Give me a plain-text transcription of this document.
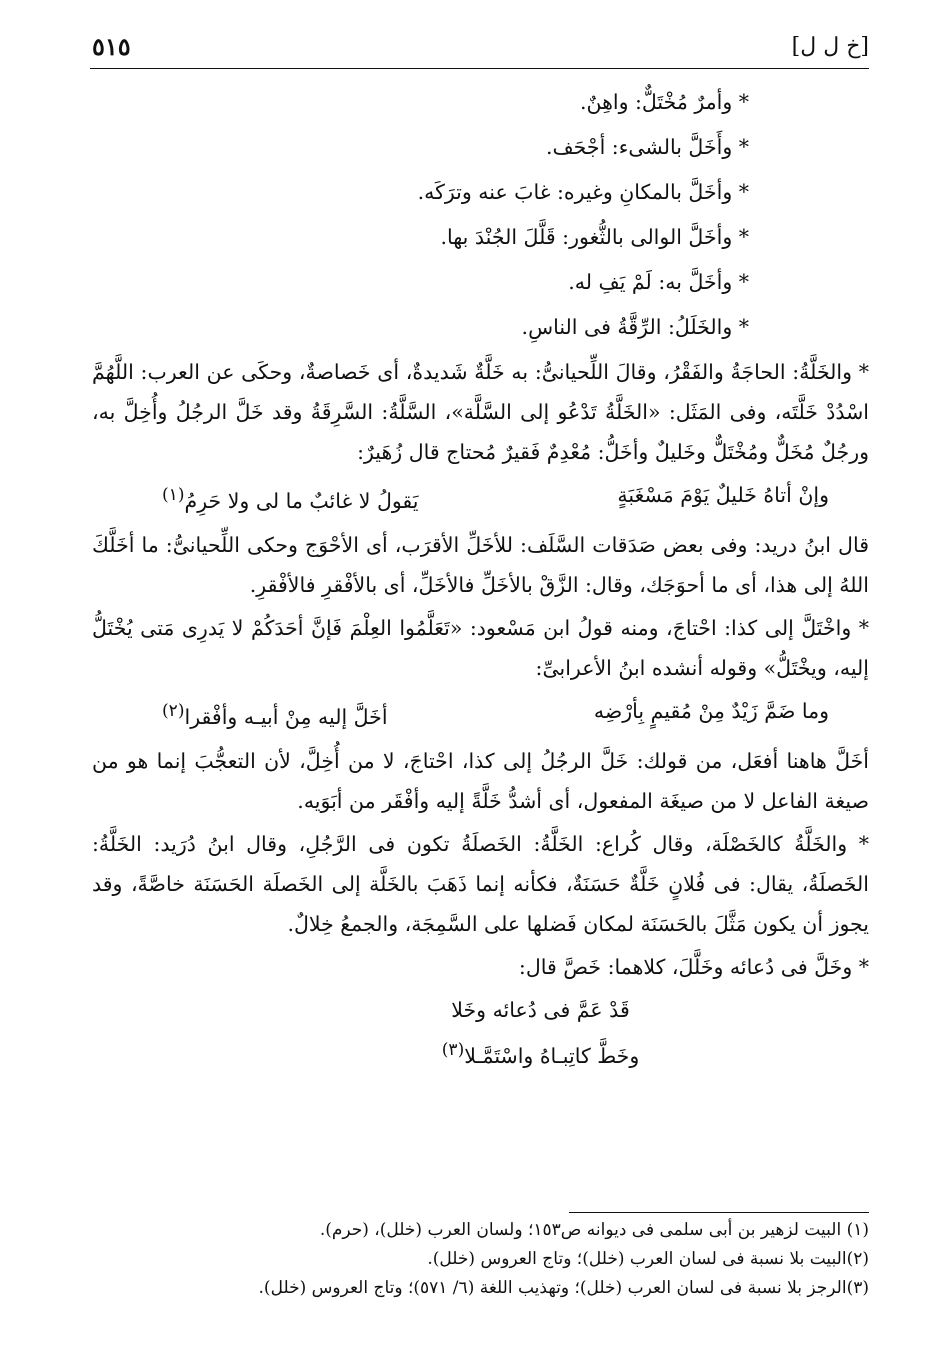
[خ ل ل]
٥١٥
* وأمرٌ مُخْتَلٌّ: واهِنٌ.
* وأَخَلَّ بالشىء: أجْحَف.
* وأخَلَّ بالمكانِ وغيره: غابَ عنه وترَكَه.
* وأخَلَّ الوالى بالثُّغور: قَلَّلَ الجُنْدَ بها.
* وأخَلَّ به: لَمْ يَفِ له.
* والخَلَلُ: الرِّقَّةُ فى الناسِ.
* والخَلَّةُ: الحاجَةُ والفَقْرُ، وقالَ اللِّحيانىُّ: به خَلَّةٌ شَديدةٌ، أى خَصاصةٌ، وحكَى عن العرب: اللَّهُمَّ اسْدُدْ خَلَّتَه، وفى المَثَل: «الخَلَّةُ تَدْعُو إلى السَّلَّة»، السَّلَّةُ: السَّرِقَةُ وقد خَلَّ الرجُلُ وأُخِلَّ به، ورجُلٌ مُخَلٌّ ومُخْتَلٌّ وخَليلٌ وأخَلُّ: مُعْدِمٌ فَقيرٌ مُحتاج قال زُهَيرٌ:
وإنْ أتاهُ خَليلٌ يَوْمَ مَسْغَبَةٍ
يَقولُ لا غائبٌ ما لى ولا حَرِمُ$^{(١)}$
قال ابنُ دريد: وفى بعض صَدَقات السَّلَف: للأخَلِّ الأقرَب، أى الأحْوَج وحكى اللِّحيانىُّ: ما أخَلَّكَ اللهُ إلى هذا، أى ما أحوَجَك، وقال: الزَّقْ بالأخَلِّ فالأخَلِّ، أى بالأفْقرِ فالأفْقرِ.
* واخْتَلَّ إلى كذا: احْتاجَ، ومنه قولُ ابن مَسْعود: «تَعَلَّمُوا العِلْمَ فَإنَّ أحَدَكُمْ لا يَدرِى مَتى يُخْتَلُّ إليه، ويخْتَلُّ» وقوله أنشده ابنُ الأعرابىِّ:
وما ضَمَّ زَيْدٌ مِنْ مُقيمٍ بِأرْضِه
أخَلَّ إليه مِنْ أبيـه وأفْقرا$^{(٢)}$
أخَلَّ هاهنا أفعَل، من قولك: خَلَّ الرجُلُ إلى كذا، احْتاجَ، لا من أُخِلَّ، لأن التعجُّبَ إنما هو من صيغة الفاعل لا من صيغَة المفعول، أى أشدُّ خَلَّةً إليه وأفْقَر من أبَوَيه.
* والخَلَّةُ كالخَصْلَة، وقال كُراع: الخَلَّةُ: الخَصلَةُ تكون فى الرَّجُلِ، وقال ابنُ دُرَيد: الخَلَّةُ: الخَصلَةُ، يقال: فى فُلانٍ خَلَّةٌ حَسَنَةٌ، فكأنه إنما ذَهَبَ بالخَلَّة إلى الخَصلَة الحَسَنَة خاصَّةً، وقد يجوز أن يكون مَثَّلَ بالحَسَنَة لمكان فَضلها على السَّمِجَة، والجمعُ خِلالٌ.
* وخَلَّ فى دُعائه وخَلَّلَ، كلاهما: خَصَّ قال:
قَدْ عَمَّ فى دُعائه وخَلا
وخَطَّ كاتِبـاهُ واسْتَمَّـلا$^{(٣)}$
(١) البيت لزهير بن أبى سلمى فى ديوانه ص١٥٣؛ ولسان العرب (خلل)، (حرم).
(٢)البيت بلا نسبة فى لسان العرب (خلل)؛ وتاج العروس (خلل).
(٣)الرجز بلا نسبة فى لسان العرب (خلل)؛ وتهذيب اللغة (٦/ ٥٧١)؛ وتاج العروس (خلل).
